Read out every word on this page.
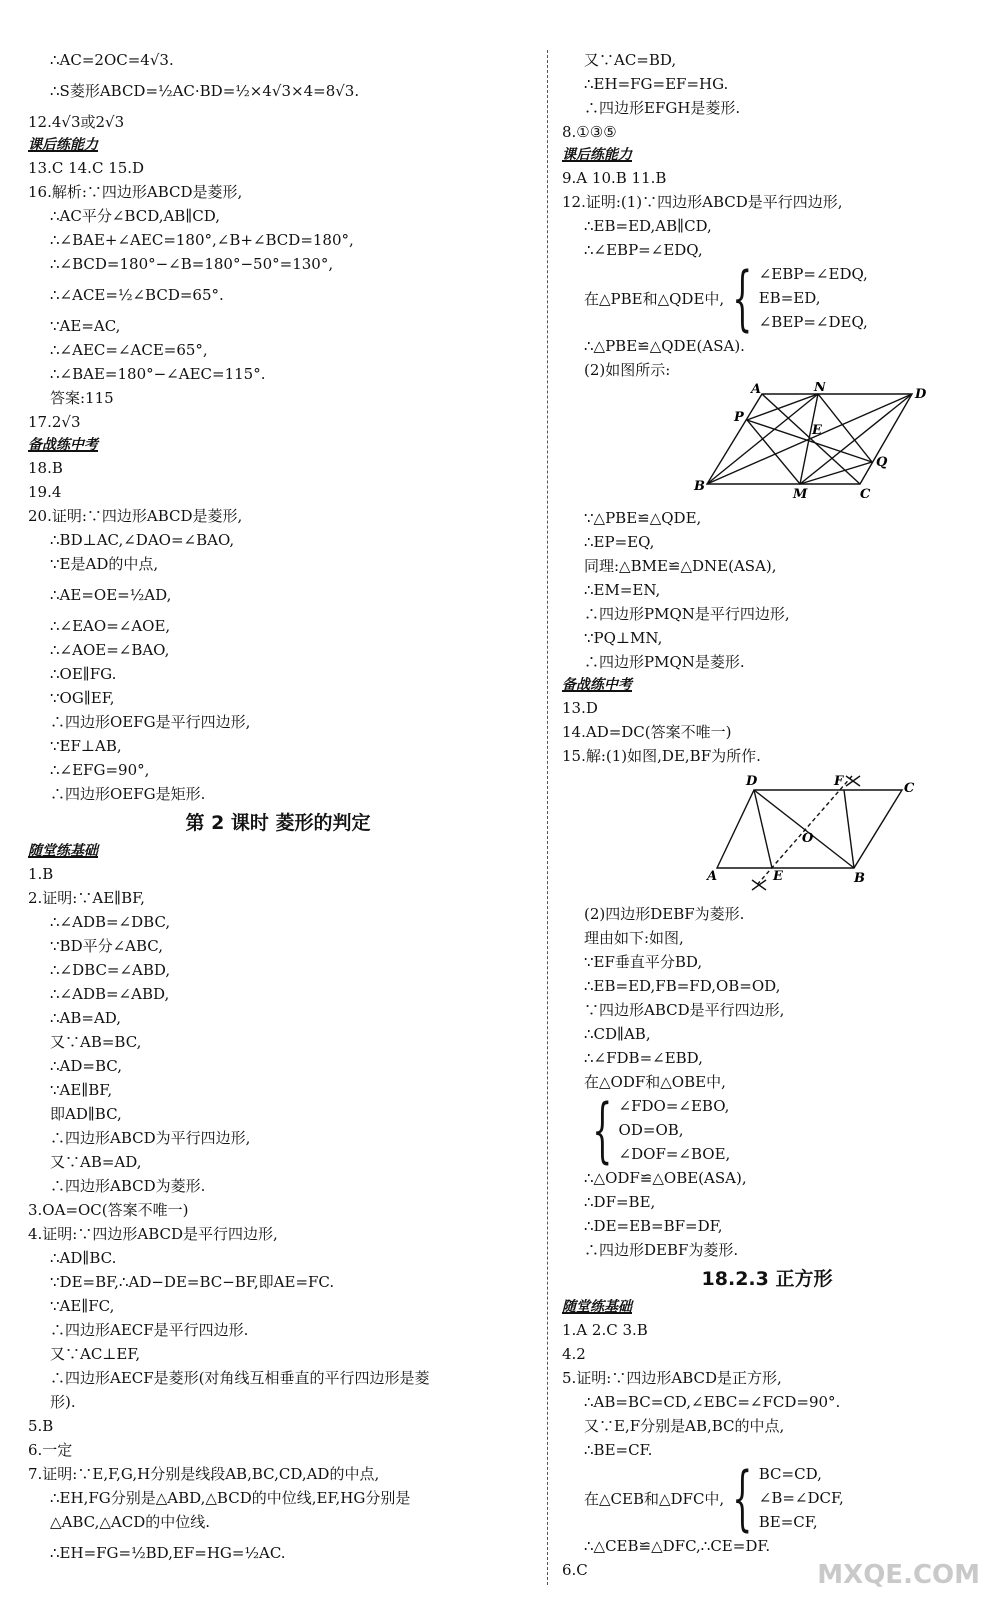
∴AC=2OC=4√3.
∴S菱形ABCD=½AC·BD=½×4√3×4=8√3.
12.4√3或2√3
课后练能力
13.C 14.C 15.D
16.解析:∵四边形ABCD是菱形,
∴AC平分∠BCD,AB∥CD,
∴∠BAE+∠AEC=180°,∠B+∠BCD=180°,
∴∠BCD=180°−∠B=180°−50°=130°,
∴∠ACE=½∠BCD=65°.
∵AE=AC,
∴∠AEC=∠ACE=65°,
∴∠BAE=180°−∠AEC=115°.
答案:115
17.2√3
备战练中考
18.B
19.4
20.证明:∵四边形ABCD是菱形,
∴BD⊥AC,∠DAO=∠BAO,
∵E是AD的中点,
∴AE=OE=½AD,
∴∠EAO=∠AOE,
∴∠AOE=∠BAO,
∴OE∥FG.
∵OG∥EF,
∴四边形OEFG是平行四边形,
∵EF⊥AB,
∴∠EFG=90°,
∴四边形OEFG是矩形.
第 2 课时 菱形的判定
随堂练基础
1.B
2.证明:∵AE∥BF,
∴∠ADB=∠DBC,
∵BD平分∠ABC,
∴∠DBC=∠ABD,
∴∠ADB=∠ABD,
∴AB=AD,
又∵AB=BC,
∴AD=BC,
∵AE∥BF,
即AD∥BC,
∴四边形ABCD为平行四边形,
又∵AB=AD,
∴四边形ABCD为菱形.
3.OA=OC(答案不唯一)
4.证明:∵四边形ABCD是平行四边形,
∴AD∥BC.
∵DE=BF,∴AD−DE=BC−BF,即AE=FC.
∵AE∥FC,
∴四边形AECF是平行四边形.
又∵AC⊥EF,
∴四边形AECF是菱形(对角线互相垂直的平行四边形是菱
形).
5.B
6.一定
7.证明:∵E,F,G,H分别是线段AB,BC,CD,AD的中点,
∴EH,FG分别是△ABD,△BCD的中位线,EF,HG分别是
△ABC,△ACD的中位线.
∴EH=FG=½BD,EF=HG=½AC.
又∵AC=BD,
∴EH=FG=EF=HG.
∴四边形EFGH是菱形.
8.①③⑤
课后练能力
9.A 10.B 11.B
12.证明:(1)∵四边形ABCD是平行四边形,
∴EB=ED,AB∥CD,
∴∠EBP=∠EDQ,
在△PBE和△QDE中, { ∠EBP=∠EDQ,
EB=ED,
∠BEP=∠DEQ,
∴△PBE≌△QDE(ASA).
(2)如图所示:
A	N	D
P
E
Q
B
M	C
∵△PBE≌△QDE,
∴EP=EQ,
同理:△BME≌△DNE(ASA),
∴EM=EN,
∴四边形PMQN是平行四边形,
∵PQ⊥MN,
∴四边形PMQN是菱形.
备战练中考
13.D
14.AD=DC(答案不唯一)
15.解:(1)如图,DE,BF为所作.
D	F	C
O
A	E	B
(2)四边形DEBF为菱形.
理由如下:如图,
∵EF垂直平分BD,
∴EB=ED,FB=FD,OB=OD,
∵四边形ABCD是平行四边形,
∴CD∥AB,
∴∠FDB=∠EBD,
在△ODF和△OBE中,
{ ∠FDO=∠EBO,
OD=OB,
∠DOF=∠BOE,
∴△ODF≌△OBE(ASA),
∴DF=BE,
∴DE=EB=BF=DF,
∴四边形DEBF为菱形.
18.2.3 正方形
随堂练基础
1.A 2.C 3.B
4.2
5.证明:∵四边形ABCD是正方形,
∴AB=BC=CD,∠EBC=∠FCD=90°.
又∵E,F分别是AB,BC的中点,
∴BE=CF.
在△CEB和△DFC中, { BC=CD,
∠B=∠DCF,
BE=CF,
∴△CEB≌△DFC,∴CE=DF.
6.C	MXQE.COM
